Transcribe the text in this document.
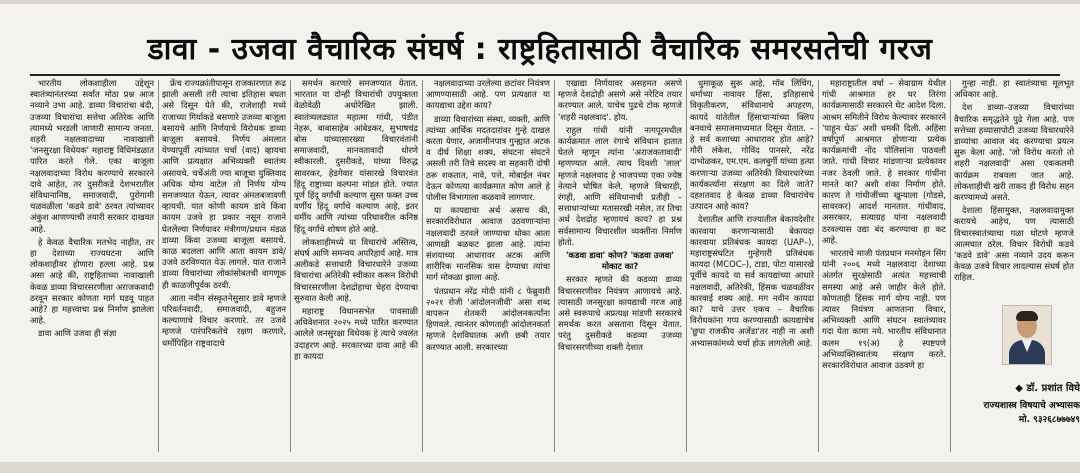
डावा - उजवा वैचारिक संघर्ष : राष्ट्रहितासाठी वैचारिक समरसतेची गरज

भारतीय लोकशाहीला उद्देशून स्वातंत्र्यानंतरच्या सर्वात मोठा प्रश्न आज नव्याने उभा आहे. डाव्या विचारांचा बंदी, उजव्या विचारांचा सत्तेचा अतिरेक आणि त्यामध्ये भरडली जाणारी सामान्य जनता. शहरी नक्षलवादाच्या नावाखाली 'जनसुरक्षा विधेयक' महाराष्ट्र विधिमंडळात पारित करते गेले. एका बाजूला नक्षलवादाच्या विरोध करण्याचे सरकारने दावे आहेत, तर दुसरीकडे देशभरातील संविधानानिष्ठ, समाजवादी, पुरोगामी चळवळीला 'कडवे डावे' ठरवत त्यांच्यावर अंकुश आणण्याची तयारी सरकार दाखवत आहे.

हे केवळ वैचारिक मतभेद नाहीत, तर हा देशाच्या राज्यघटना आणि लोकशाहीवर होणारा हल्ला आहे. प्रश्न असा आहे की, राष्ट्रहिताच्या नावाखाली केवळ डाव्या विचारसरणीला अराजकवादी ठरवून सरकार कोणता मार्ग घडवू पाहत आहे? हा महत्त्वाचा प्रश्न निर्माण झालेला आहे.

डावा आणि उजवा ही संज्ञा

फ्रेंच राज्यक्रांतीपासून राजकारणात रूढ झाली असली तरी त्याचा इतिहास बघता असे दिसून येते की, राजेशाही मध्ये राजाच्या गिर्याकडे बसणारे उजव्या बाजूला बसायचे आणि निर्णयाचे विरोधक डाव्या बाजूला बसायचे. निर्णय अंमलात येण्यापूर्वी त्यांच्यात चर्चा (वाद) व्हायचा आणि प्रत्यक्षात अभिव्यक्ती स्वातंत्र्य असायचे. चर्चेअंती ज्या बाजूचा युक्तिवाद अधिक योग्य वाटेल तो निर्णय योग्य समजण्यात येऊन, त्यावर अंमलबजावणी व्हायची. यात कोणी कायम डावे किंवा कायम उजवे हा प्रकार नसून राजाने घेतलेल्या निर्णयावर मंत्रीगण/प्रधान मंडळ डाव्या किंवा उजव्या बाजूला बसायचे. काळ बदलला आणि आता कायम डावे/उजवे ठरविण्यात येऊ लागले. यात राजाने डाव्या विचारांच्या लोकांसोबतची वागणूक ही काळजीपूर्वक ठरवी.

आता नवीन संस्कृतनेसुसार डावे म्हणजे परिवर्तनवादी, समाजवादी, बहुजन कल्याणाचे विचार करणारे. तर उजवे म्हणजे पारंपरिकतेचे रक्षण करणारे, धर्मोपिहित राष्ट्रवादाचे

समर्थन करणारे समजण्यात येतात. भारतात या दोन्ही विचारांची उपयुक्तता वेळोवेळी अधोरेखित झाली. स्वातंत्र्यलढ्यात महात्मा गांधी, पंडीत नेहरू, बाबासाहेब आंबेडकर, सुभाषचंद्र बोस यांच्यासारख्या विचारवंतांनी समाजवादी, मानवतावादी धोरणे स्वीकारली. दुसरीकडे, यांच्या विरुद्ध सावरकर, हेडगेवार यांसारखे विचारवंत हिंदू राष्ट्राच्या कल्पना मांडत होते. ज्यात पूर्ण हिंदू वर्गांची कल्याण सुस्त फक्त उच्च वर्णीय हिंदू वर्गांचे कल्याण आहे, इतर धर्मीय आणि त्यांच्या परिघावरील कनिष्ठ हिंदू वर्गांचे शोषण होते आहे.

लोकशाहीमध्ये या विचारांचे अस्तित्व, संघर्ष आणि समन्वय अपरिहार्य आहे. मात्र अलीकडे सत्ताधारी विचारधारेने उजव्या विचारांचा अतिरेकी स्वीकार करून विरोधी विचारसरणीला देशद्रोहाचा चेहरा देण्याचा सुरुवात केली आहे.

महाराष्ट्र विधानसभेत पावसाळी अधिवेशनात २०२५ मध्ये पारित करण्यात आलेले जनसुरक्षा विधेयक हे त्याचे ज्वलंत उदाहरण आहे. सरकारच्या दावा आहे की हा कायदा

नक्षलवादाच्या उरलेल्या छटांवर नियंत्रण आणण्यासाठी आहे. पण प्रत्यक्षात या कायद्याचा उद्देश काय?

डाव्या विचारांच्या संस्था, व्यक्ती, आणि त्यांच्या आर्थिक मदतदारांवर गुन्हे दाखल करता येणार, अजामीनपात्र गुन्ह्यात अटक व दीर्घ शिक्षा शक्य, संघटना संघटने असली तरी तिचे सदस्य वा सहकारी दोषी ठरू शकतात, नावे, पत्ते, मोबाईल नंबर देऊन कोणत्या कार्यक्रमात कोण आले हे पोलीस विभागाला कळवावे लागणार.

या कायद्याचा अर्थ असाच की, सरकारविरोधात आवाज उठवणाऱ्यांना नक्षलवादी ठरवले जाण्याचा धोका आता आणखी बळकट झाला आहे. त्यांना संशयाच्या आधारावर अटक आणि शारीरिक मानसिक त्रास देण्याचा त्यांचा मार्ग मोकळा झाला आहे.

पंतप्रधान नरेंद्र मोदी यांनी ८ फेब्रुवारी २०२१ रोजी 'आंदोलनजीवी' असा शब्द वापरून शेतकरी आंदोलनकर्त्यांना हिणवले. त्यानंतर कोणताही आंदोलनकर्ता म्हणजे देशविघातक अशी छबी तयार करण्यात आली. सरकारच्या

एखाद्या निर्णयावर असहमत असणे म्हणजे देशद्रोही असणे असे नरेटिव तयार करण्यात आले. याचेच पुढचे टोक म्हणजे 'शहरी नक्षलवाद'. होय.

राहुल गांधी यांनी नागपूरमधील कार्यक्रमात लाल रंगाचे संविधान हातात घेतले म्हणून त्यांना 'अराजकतावादी' म्हणण्यात आले. त्याच दिवशी 'लाल' म्हणजे नक्षलवाद हे भाजपच्या एका ज्येष्ठ नेत्याने घोषित केले. म्हणजे विचारही, रंगही, आणि संविधानाची प्रतीही – सत्ताधाऱ्यांच्या मतासरखी नसेल, तर तिचा अर्थ देशद्रोह म्हणायचं काय? हा प्रश्न सर्वसामान्य विचारशील व्यक्तींना निर्माण होतो.

'कडवा डावा' कोण? 'कडवा उजवा' मोकाट का?

सरकार म्हणते की कडव्या डाव्या विचारसरणीवर नियंत्रण आणायचे आहे. त्यासाठी जनसुरक्षा कायद्याची गरज आहे असे स्वरूपाचे अप्रत्यक्ष मांडणी सरकारचे समर्थक करत असताना दिसून येतात. परंतु दुसरीकडे कडव्या उजव्या विचारसरणीच्या शक्ती देशात

धुमाकूळ सुरू आहे, मॉब लिंचिंग, धर्माच्या नावावर हिंसा, इतिहासाचे विकृतीकरण, संविधानाचे अपहरण, कायदे यांतेतील हिंसाचाऱ्यांच्या क्लिप बनवाचे समाजमाध्यमात दिसून येतात. – हे सर्व कशाच्या आधारावर होत आहे? गौरी लंकेश, गोविंद पानसरे, नरेंद्र दाभोळकर, एम.एम. कलबुर्गी यांच्या हत्या करणाऱ्या उजव्या अतिरेकी विचारधारेच्या कार्यकर्त्यांना संरक्षण का दिले जाते? दहशतवाद हे केवळ डाव्या विचारांचेच उत्पादन आहे काय?

देशातील आणि राज्यातील बेकायदेशीर कारवाया करणाऱ्यासाठी बेकायदा कारवाया प्रतिबंधक कायदा (UAP–), महाराष्ट्रसंघटित गुन्हेगारी प्रतिबंधक कायदा (MCOC–), टाडा, पोटा यासारखे पूर्वीचे कायदे या सर्व कायद्यांच्या आधारे नक्षलवादी, अतिरेकी, हिंसक चळवळींवर कारवाई शक्य आहे. मग नवीन कायदा का? याचे उत्तर एकच – वैचारिक विरोधकांना गप्प करण्यासाठी कायद्याचेच 'छुपा राजकीय अजेंडा'तर नाही ना अशी अभ्यासकांमध्ये चर्चा होऊ लागलेली आहे.

महाराष्ट्रातील वर्षा – सेवाग्राम येथील गांधी आश्रमात हर घर तिरंगा कार्यक्रमासाठी सरकारने घेट आदेश दिला. आश्रम समितीने विरोध केल्यावर सरकारने 'पाहून घेऊ' अशी धमकी दिली. अहिंसा वर्षापूर्ण आश्रमात होणाऱ्या प्रत्येक कार्यक्रमांची नोंद पोलिसांना पाठवली जाते. गांधी विचार मांडणाऱ्या प्रत्येकावर नजर ठेवली जाते. हे सरकार गांधींना मानते का? अशी शंका निर्माण होते. कारण ते गांधीजींच्या खुन्याला (गोडसे, सावरकर) आदर्श मानतात. गांधीवाद, असरकार, सत्याग्रह यांना नक्षलवादी ठरवल्यास उद्या बंद करण्याचा हा कट आहे.

भारताचे माजी पंतप्रधान मनमोहन सिंग यांनी २००६ मध्ये नक्षलवादा देशाच्या अंतर्गत सुरक्षेसाठी अत्यंत महत्त्वाची समस्या आहे असे जाहीर केले होते. कोणताही हिंसक मार्ग योग्य नाही. पण त्यावर नियंत्रण आणताना विचार, अभिव्यक्ती आणि संघटन स्वातंत्र्यावर गदा येता कामा नये. भारतीय संविधानात कलम १९(अ) हे स्पष्टपणे अभिव्यक्तिस्वातंत्र्य संरक्षण करते. सरकारविरोधात आवाज उठवणे हा

गुन्हा नाही. हा स्वातंत्र्याचा मूलभूत अधिकार आहे.

देश डाव्या–उजव्या विचारांच्या वैचारिक समृद्धतेने पुढे गेला आहे. पण सत्तेच्या हव्यासापोटी उजव्या विचारधारेने डाव्यांचा आवाज बंद करण्याचा प्रयत्न सुरू केला आहे. 'जो विरोध करतो तो शहरी नक्षलवादी' असा एककलमी कार्यक्रम राबवला जात आहे. लोकशाहीची खरी ताकद ही विरोध सहन करण्यामध्ये असते.

देशाला हिंसामुक्त, नक्षलवादामुक्त करायचे आहेच, पण त्यासाठी विचारस्वातंत्र्याचा गळा घोटणे म्हणजे आत्मघात ठरेल. विचार विरोधी कडवे 'कडवे डावे' असा नव्याने उदय करून केवळ उजवे विचार लादल्यास संघर्ष होत राहिल.

◆ डॉ. प्रशांत विघे
राज्यशास्त्र विषयाचे अभ्यासक
मो. ९३२६८७७७४९
